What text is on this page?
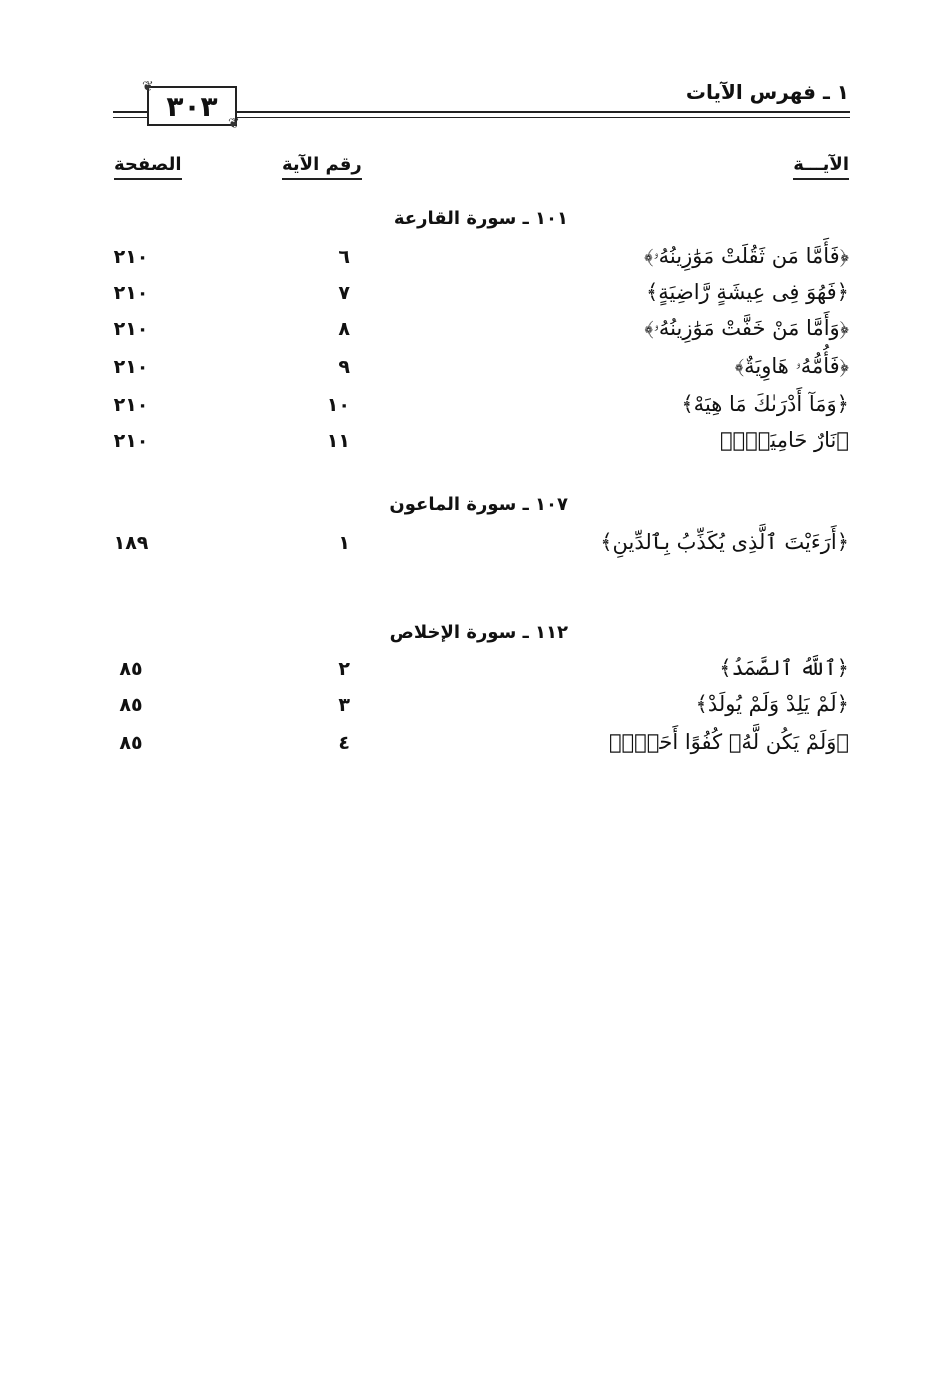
١ ـ فهرس الآيات
٣٠٣
❦
❦
الآيـــة
رقم الآية
الصفحة
١٠١ ـ سورة القارعة
﴿فَأَمَّا مَن ثَقُلَتْ مَوَٰزِينُهُۥ﴾
٦
٢١٠
﴿فَهُوَ فِى عِيشَةٍ رَّاضِيَةٍ﴾
٧
٢١٠
﴿وَأَمَّا مَنْ خَفَّتْ مَوَٰزِينُهُۥ﴾
٨
٢١٠
﴿فَأُمُّهُۥ هَاوِيَةٌ﴾
٩
٢١٠
﴿وَمَآ أَدْرَىٰكَ مَا هِيَهْ﴾
١٠
٢١٠
﴿نَارٌ حَامِيَةٌۢ﴾
١١
٢١٠
١٠٧ ـ سورة الماعون
﴿أَرَءَيْتَ ٱلَّذِى يُكَذِّبُ بِٱلدِّينِ﴾
١
١٨٩
١١٢ ـ سورة الإخلاص
﴿ٱللَّهُ ٱلصَّمَدُ﴾
٢
٨٥
﴿لَمْ يَلِدْ وَلَمْ يُولَدْ﴾
٣
٨٥
﴿وَلَمْ يَكُن لَّهُۥ كُفُوًا أَحَدٌۢ﴾
٤
٨٥
